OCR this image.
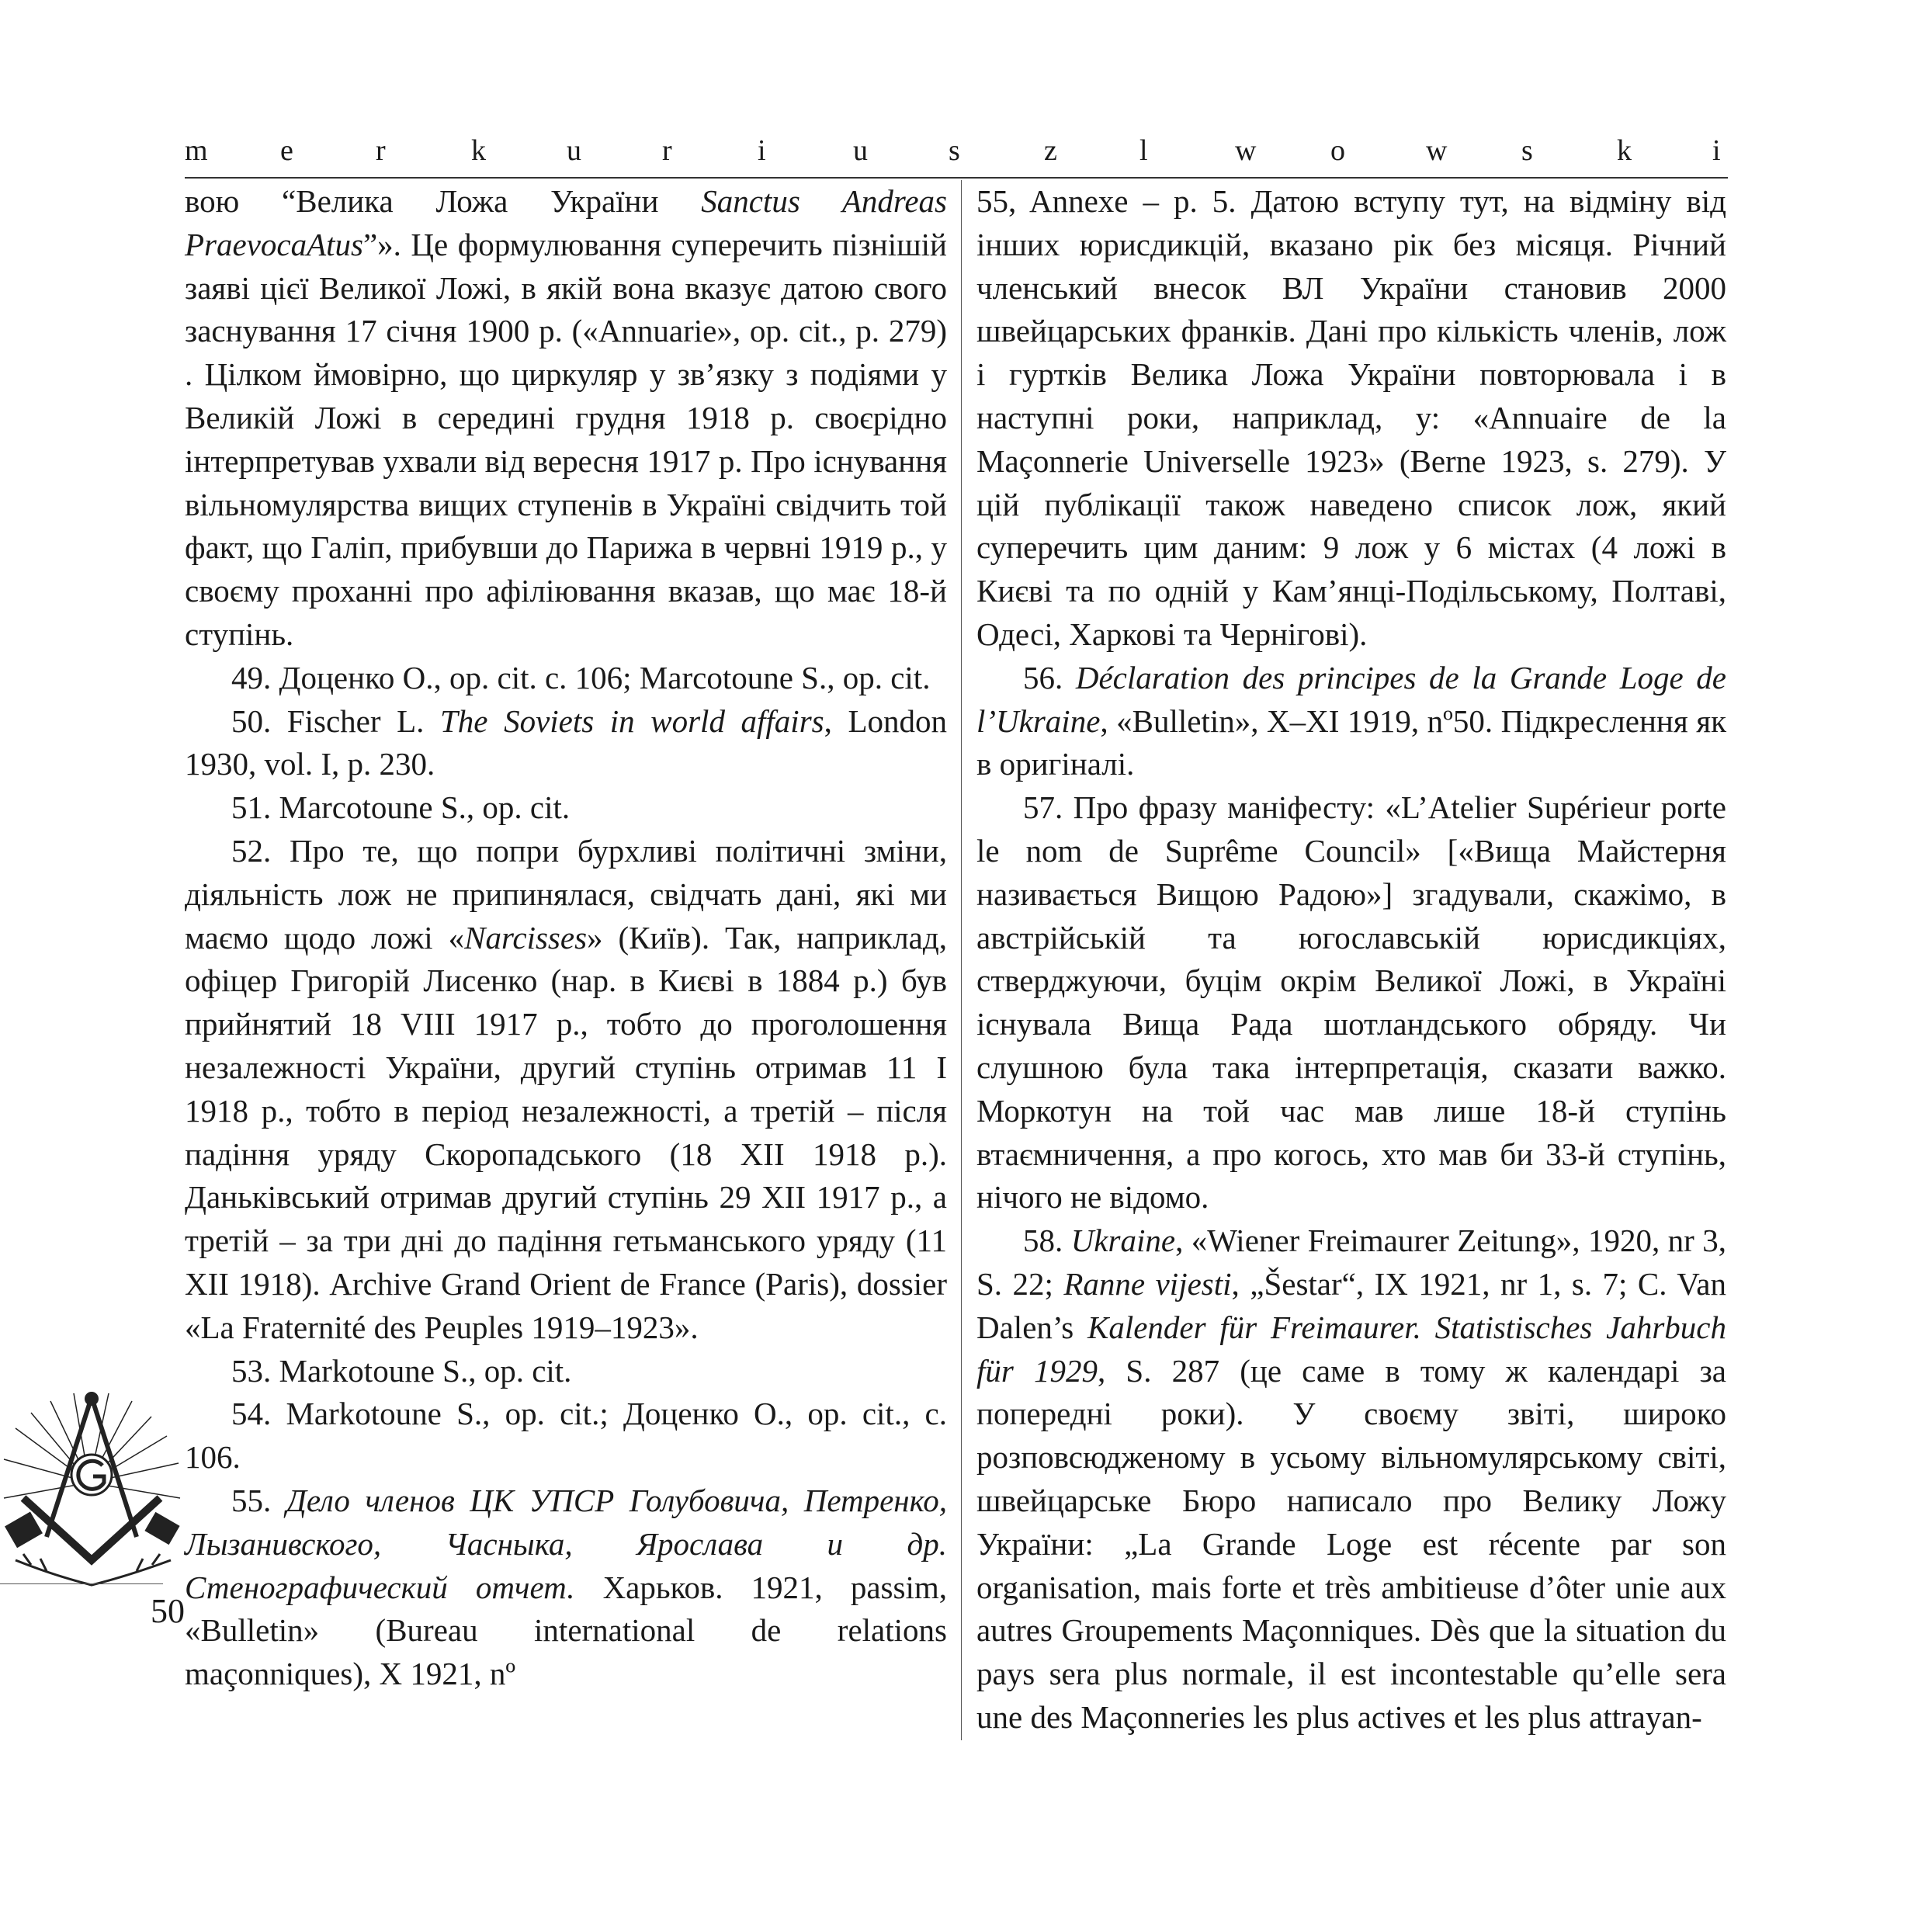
m e	r	k	u	r	i	u	s	z	l	w	o	w	s	k	i

вою “Велика Ложа України Sanctus Andreas PraevocaAtus”». Це формулювання суперечить пізнішій заяві цієї Великої Ложі, в якій вона вказує датою свого заснування 17 січня 1900 р. («Annuarie», op. cit., p. 279) . Цілком ймовірно, що циркуляр у зв’язку з подіями у Великій Ложі в середині грудня 1918 р. своєрідно інтерпретував ухвали від вересня 1917 р. Про існування вільномулярства вищих ступенів в Україні свідчить той факт, що Галіп, прибувши до Парижа в червні 1919 р., у своєму проханні про афіліювання вказав, що має 18-й ступінь.

49. Доценко О., op. cit. c. 106; Marcotoune S., op. cit.

50. Fischer L. The Soviets in world affairs, London 1930, vol. I, p. 230.

51. Marcotoune S., op. cit.

52. Про те, що попри бурхливі політичні зміни, діяльність лож не припинялася, свідчать дані, які ми маємо щодо ложі «Narcisses» (Київ). Так, наприклад, офіцер Григорій Лисенко (нар. в Києві в 1884 р.) був прийнятий 18 VIII 1917 р., тобто до проголошення незалежності України, другий ступінь отримав 11 I 1918 р., тобто в період незалежності, а третій – після падіння уряду Скоропадського (18 XII 1918 р.). Даньківський отримав другий ступінь 29 XII 1917 р., а третій – за три дні до падіння гетьманського уряду (11 XII 1918). Archive Grand Orient de France (Paris), dossier «La Fraternité des Peuples 1919–1923».

53. Markotoune S., op. cit.

54. Markotoune S., op. cit.; Доценко О., op. cit., c. 106.

55. Дело членов ЦК УПСР Голубовича, Петренко, Лызанивского, Часныка, Ярослава и др. Стенографический отчет. Харьков. 1921, passim, «Bulletin» (Bureau international de relations maçonniques), X 1921, nº

55, Annexe – p. 5. Датою вступу тут, на відміну від інших юрисдикцій, вказано рік без місяця. Річний членський внесок ВЛ України становив 2000 швейцарських франків. Дані про кількість членів, лож і гуртків Велика Ложа України повторювала і в наступні роки, наприклад, у: «Annuaire de la Maçonnerie Universelle 1923» (Berne 1923, s. 279). У цій публікації також наведено список лож, який суперечить цим даним: 9 лож у 6 містах (4 ложі в Києві та по одній у Кам’янці-Подільському, Полтаві, Одесі, Харкові та Чернігові).

56. Déclaration des principes de la Grande Loge de l’Ukraine, «Bulletin», X–XI 1919, nº50. Підкреслення як в оригіналі.

57. Про фразу маніфесту: «L’Atelier Supérieur porte le nom de Suprême Council» [«Вища Майстерня називається Вищою Радою»] згадували, скажімо, в австрійській та югославській юрисдикціях, стверджуючи, буцім окрім Великої Ложі, в Україні існувала Вища Рада шотландського обряду. Чи слушною була така інтерпретація, сказати важко. Моркотун на той час мав лише 18-й ступінь втаємничення, а про когось, хто мав би 33-й ступінь, нічого не відомо.

58. Ukraine, «Wiener Freimaurer Zeitung», 1920, nr 3, S. 22; Ranne vijesti, „Šestar“, IX 1921, nr 1, s. 7; C. Van Dalen’s Kalender für Freimaurer. Statistisches Jahrbuch für 1929, S. 287 (це саме в тому ж календарі за попередні роки). У своєму звіті, широко розповсюдженому в усьому вільномулярському світі, швейцарське Бюро написало про Велику Ложу України: „La Grande Loge est récente par son organisation, mais forte et très ambitieuse d’ôter unie aux autres Groupements Maçonniques. Dès que la situation du pays sera plus normale, il est incontestable qu’elle sera une des Maçonneries les plus actives et les plus attrayan-

50
